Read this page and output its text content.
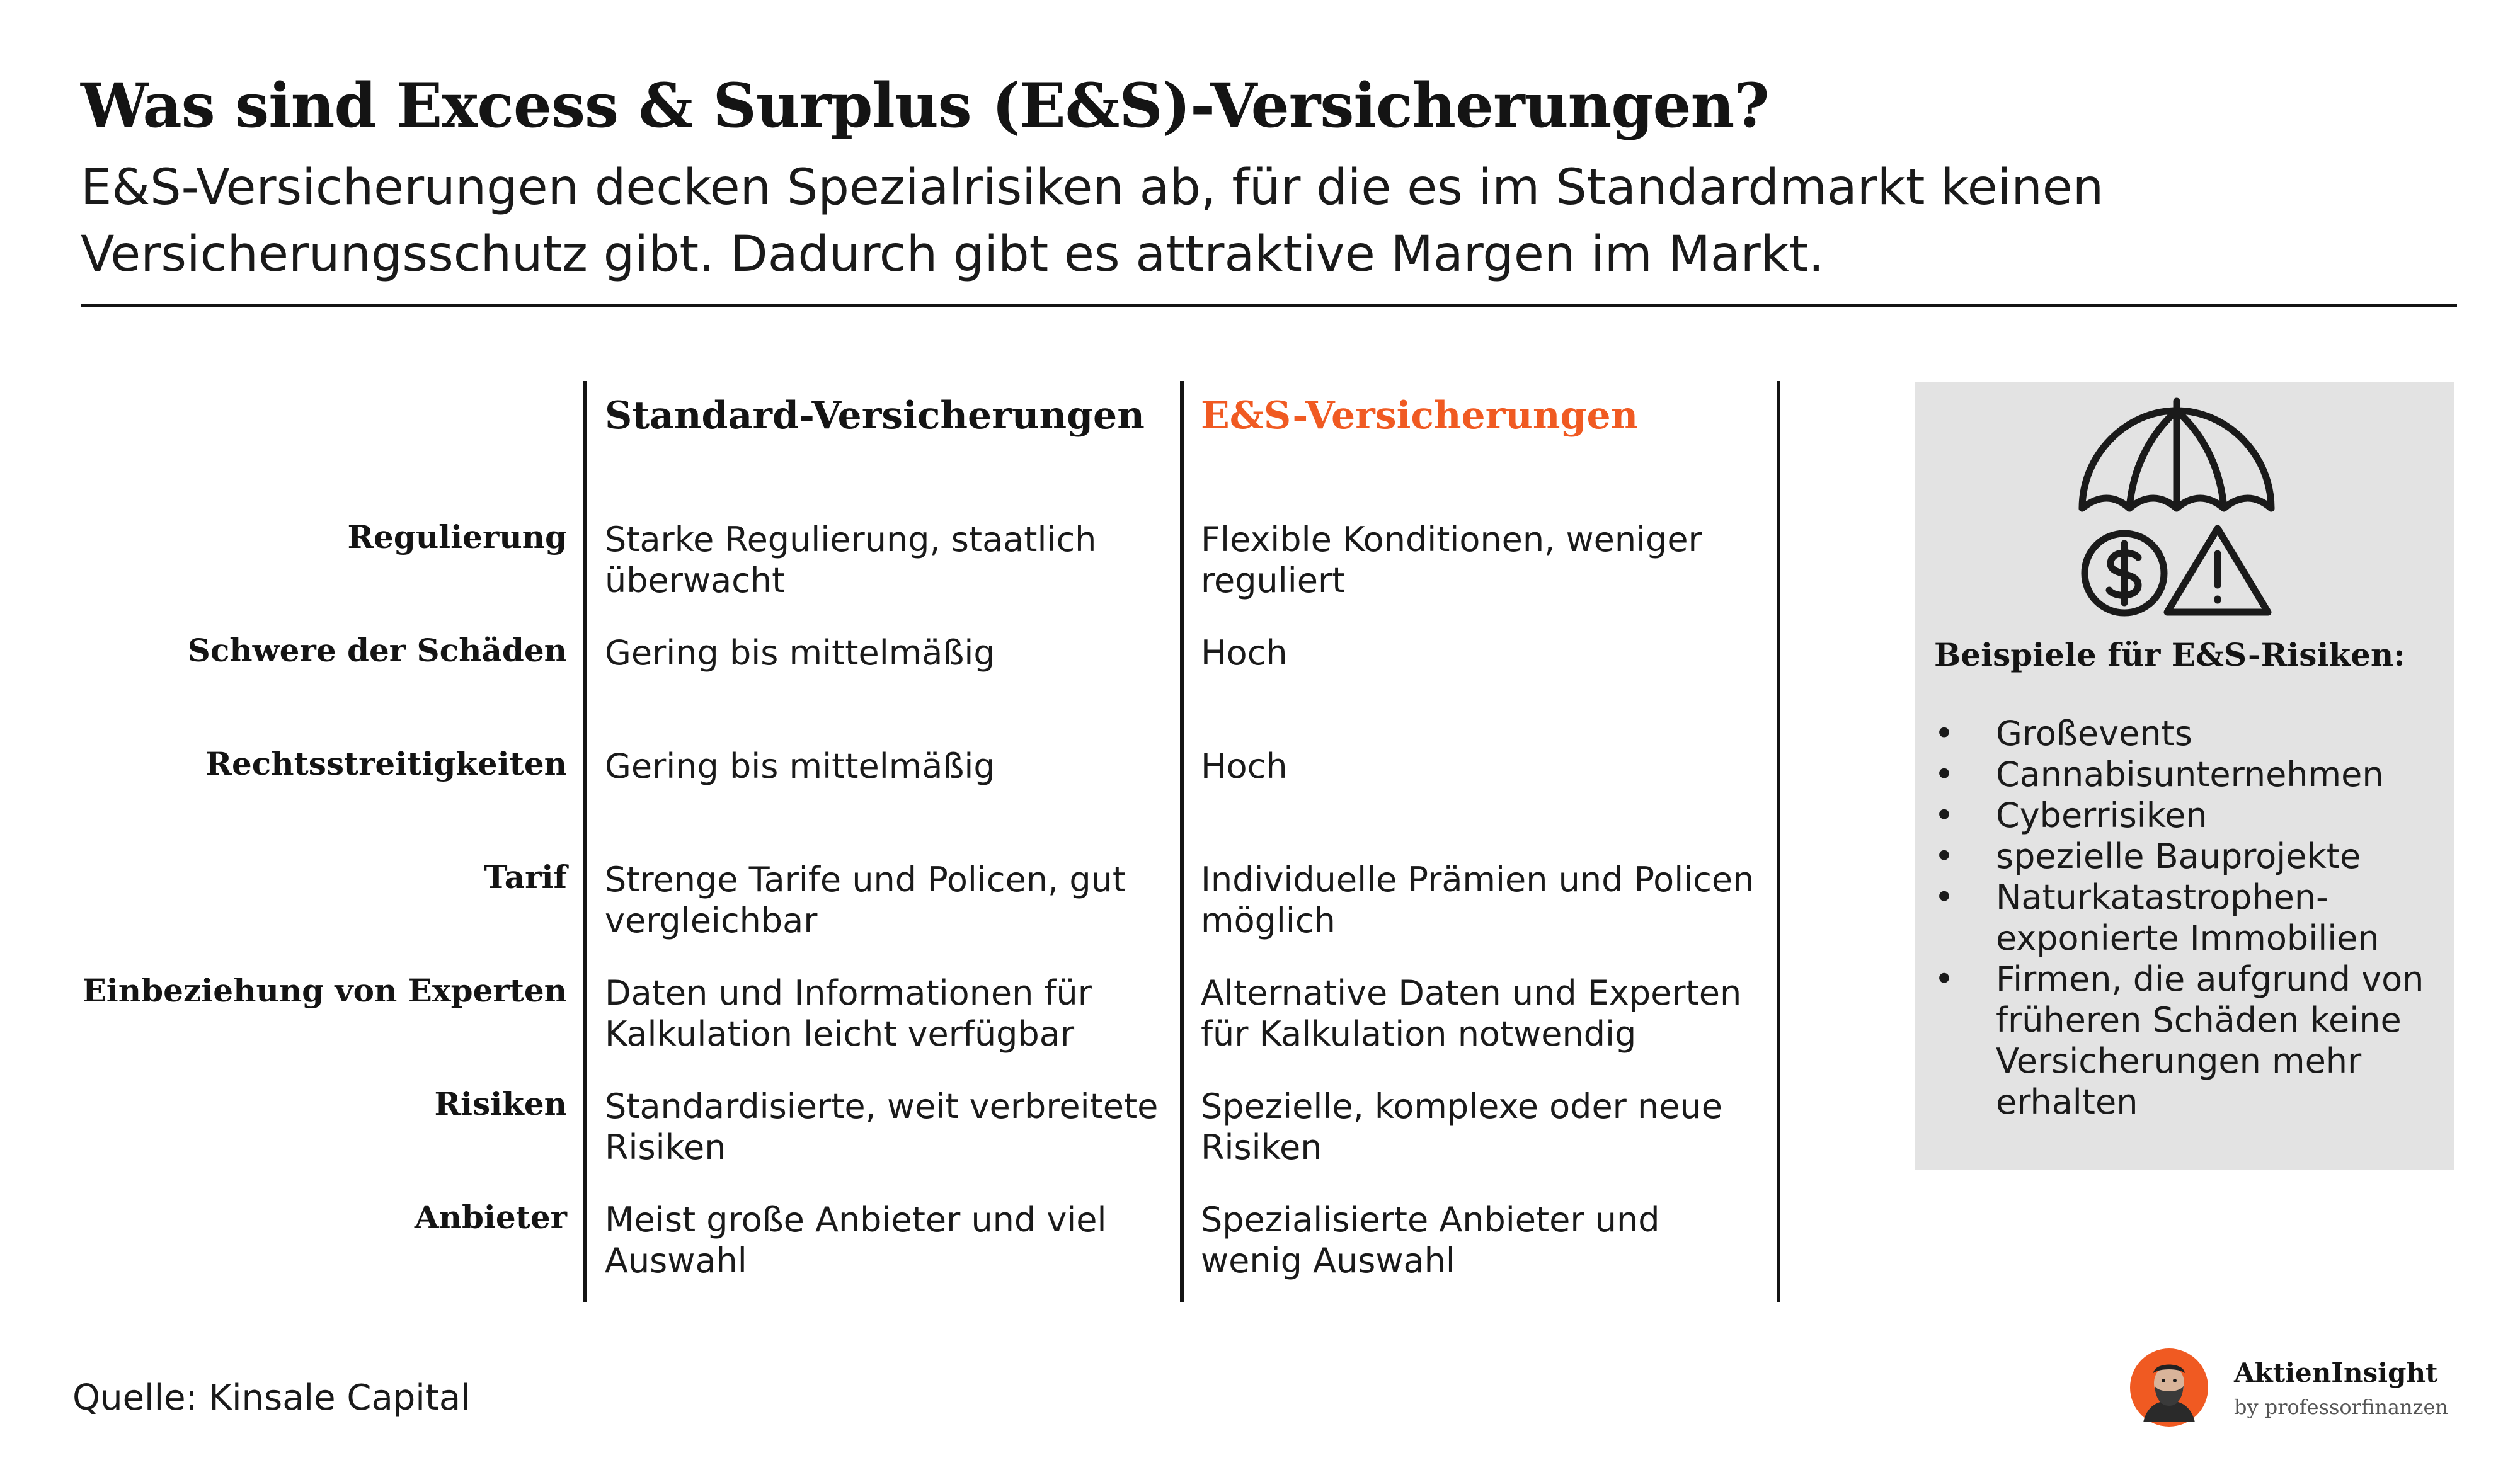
Was sind Excess & Surplus (E&S)-Versicherungen?

E&S-Versicherungen decken Spezialrisiken ab, für die es im Standardmarkt keinen Versicherungsschutz gibt. Dadurch gibt es attraktive Margen im Markt.

Standard-Versicherungen E&S-Versicherungen
Regulierung Starke Regulierung, staatlich überwacht
Flexible Konditionen, weniger reguliert
Schwere der Schäden Gering bis mittelmäßig	Hoch
Rechtsstreitigkeiten Gering bis mittelmäßig	Hoch
Tarif Strenge Tarife und Policen, gut vergleichbar
Individuelle Prämien und Policen möglich
Einbeziehung von Experten Daten und Informationen für Kalkulation leicht verfügbar
Alternative Daten und Experten für Kalkulation notwendig
Risiken Standardisierte, weit verbreitete Risiken
Spezielle, komplexe oder neue Risiken
Anbieter Meist große Anbieter und viel Auswahl
Spezialisierte Anbieter und wenig Auswahl
Beispiele für E&S-Risiken:
• Großevents
• Cannabisunternehmen
• Cyberrisiken
• spezielle Bauprojekte
• Naturkatastrophen-exponierte Immobilien
• Firmen, die aufgrund von früheren Schäden keine Versicherungen mehr erhalten
Quelle: Kinsale Capital
AktienInsight
by professorfinanzen
